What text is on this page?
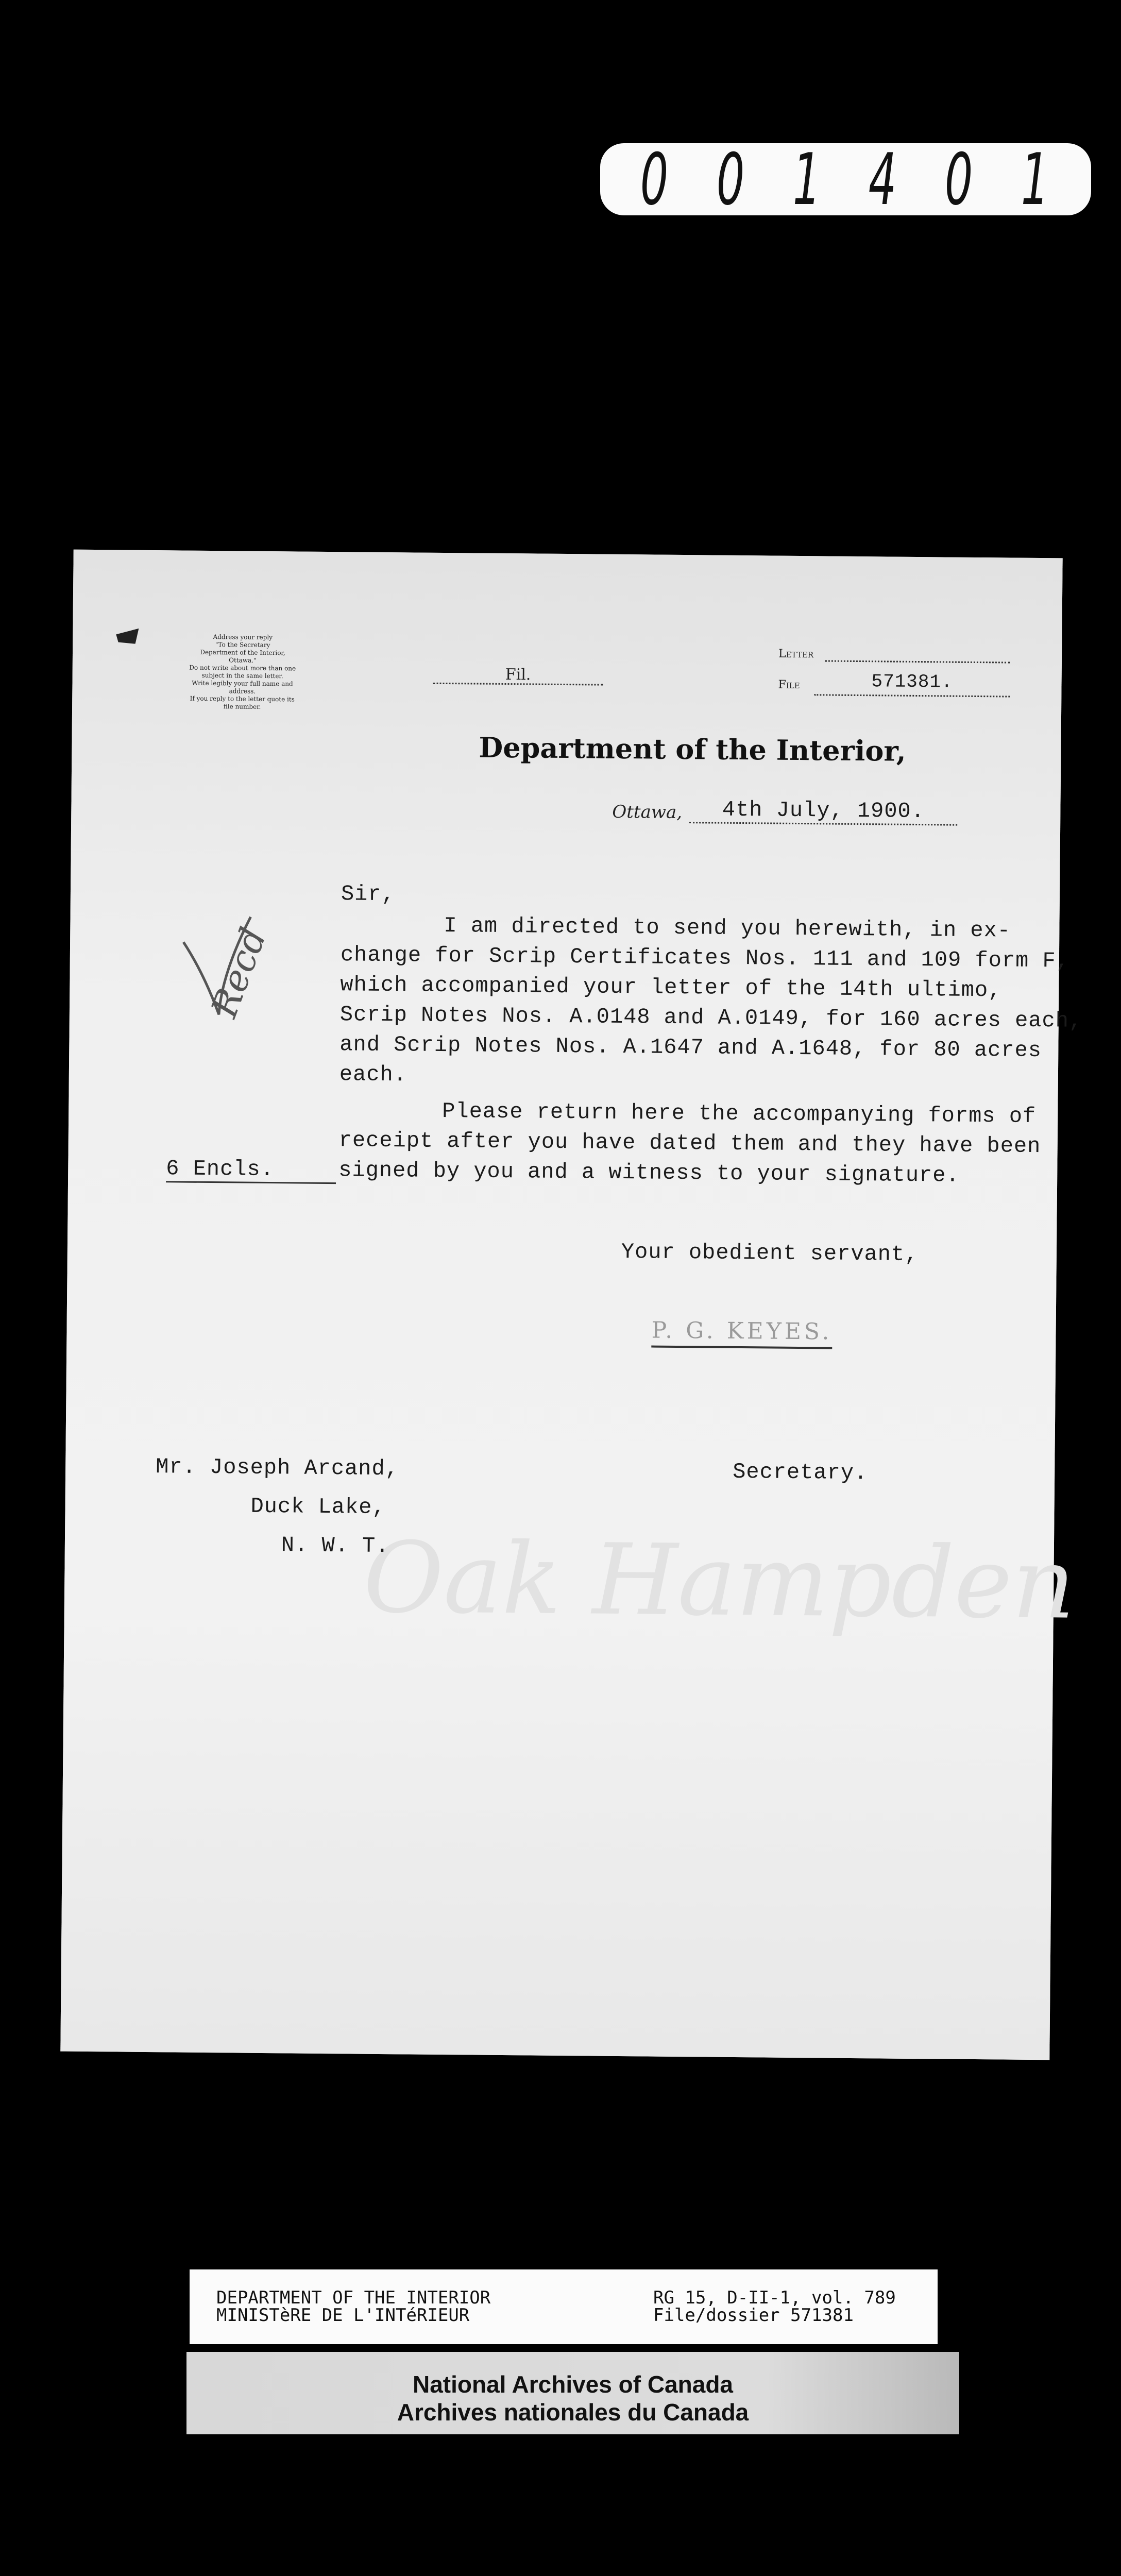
0 0 1 4 0 1
Address your reply
"To the Secretary
Department of the Interior,
Ottawa."
Do not write about more than one
subject in the same letter.
Write legibly your full name and
address.
If you reply to the letter quote its
file number.
Fil.
Letter
File	571381.
Department of the Interior,
Ottawa,	4th July, 1900.
Recd
Sir,
I am directed to send you herewith, in ex-
change for Scrip Certificates Nos. 111 and 109 form F,
which accompanied your letter of the 14th ultimo,
Scrip Notes Nos. A.0148 and A.0149, for 160 acres each,
and Scrip Notes Nos. A.1647 and A.1648, for 80 acres
each.
Please return here the accompanying forms of
receipt after you have dated them and they have been
signed by you and a witness to your signature.
6 Encls.
Your obedient servant,
P. G. KEYES.
Secretary.
Oak Hampden
Mr. Joseph Arcand,
Duck Lake,
N. W. T.
DEPARTMENT OF THE INTERIOR
MINISTèRE DE L'INTéRIEUR
RG 15, D-II-1, vol. 789
File/dossier 571381
National Archives of Canada
Archives nationales du Canada
